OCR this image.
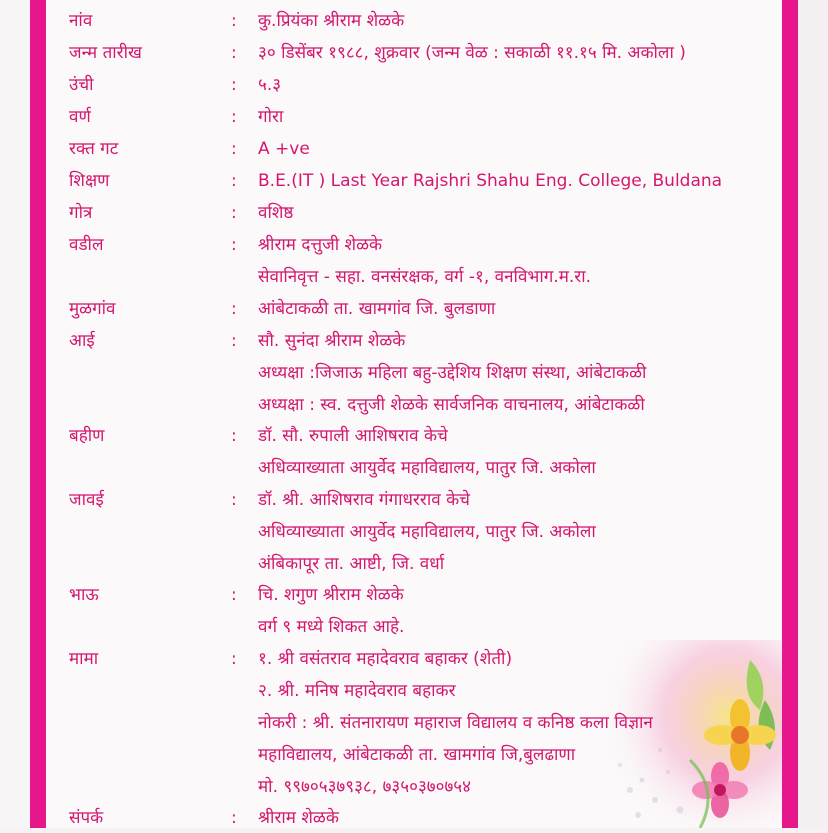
नांव	: कु.प्रियंका श्रीराम शेळके
जन्म तारीख	: ३० डिसेंबर १९८८, शुक्रवार (जन्म वेळ : सकाळी ११.१५ मि. अकोला )
उंची	: ५.३
वर्ण	: गोरा
रक्त गट	: A +ve
शिक्षण	: B.E.(IT ) Last Year Rajshri Shahu Eng. College, Buldana
गोत्र	: वशिष्ठ
वडील	: श्रीराम दत्तुजी शेळके
सेवानिवृत्त - सहा. वनसंरक्षक, वर्ग -१, वनविभाग.म.रा.
मुळगांव	: आंबेटाकळी ता. खामगांव जि. बुलडाणा
आई	: सौ. सुनंदा श्रीराम शेळके
अध्यक्षा :जिजाऊ महिला बहु-उद्देशिय शिक्षण संस्था, आंबेटाकळी
अध्यक्षा : स्व. दत्तुजी शेळके सार्वजनिक वाचनालय, आंबेटाकळी
बहीण	: डॉ. सौ. रुपाली आशिषराव केचे
अधिव्याख्याता आयुर्वेद महाविद्यालय, पातुर जि. अकोला
जावई	: डॉ. श्री. आशिषराव गंगाधरराव केचे
अधिव्याख्याता आयुर्वेद महाविद्यालय, पातुर जि. अकोला
अंबिकापूर ता. आष्टी, जि. वर्धा
भाऊ	: चि. शगुण श्रीराम शेळके
वर्ग ९ मध्ये शिकत आहे.
मामा	: १. श्री वसंतराव महादेवराव बहाकर (शेती)
२. श्री. मनिष महादेवराव बहाकर
नोकरी : श्री. संतनारायण महाराज विद्यालय व कनिष्ठ कला विज्ञान
महाविद्यालय, आंबेटाकळी ता. खामगांव जि,बुलढाणा
मो. ९९७०५३७९३८, ७३५०३७०७५४
संपर्क	: श्रीराम शेळके
